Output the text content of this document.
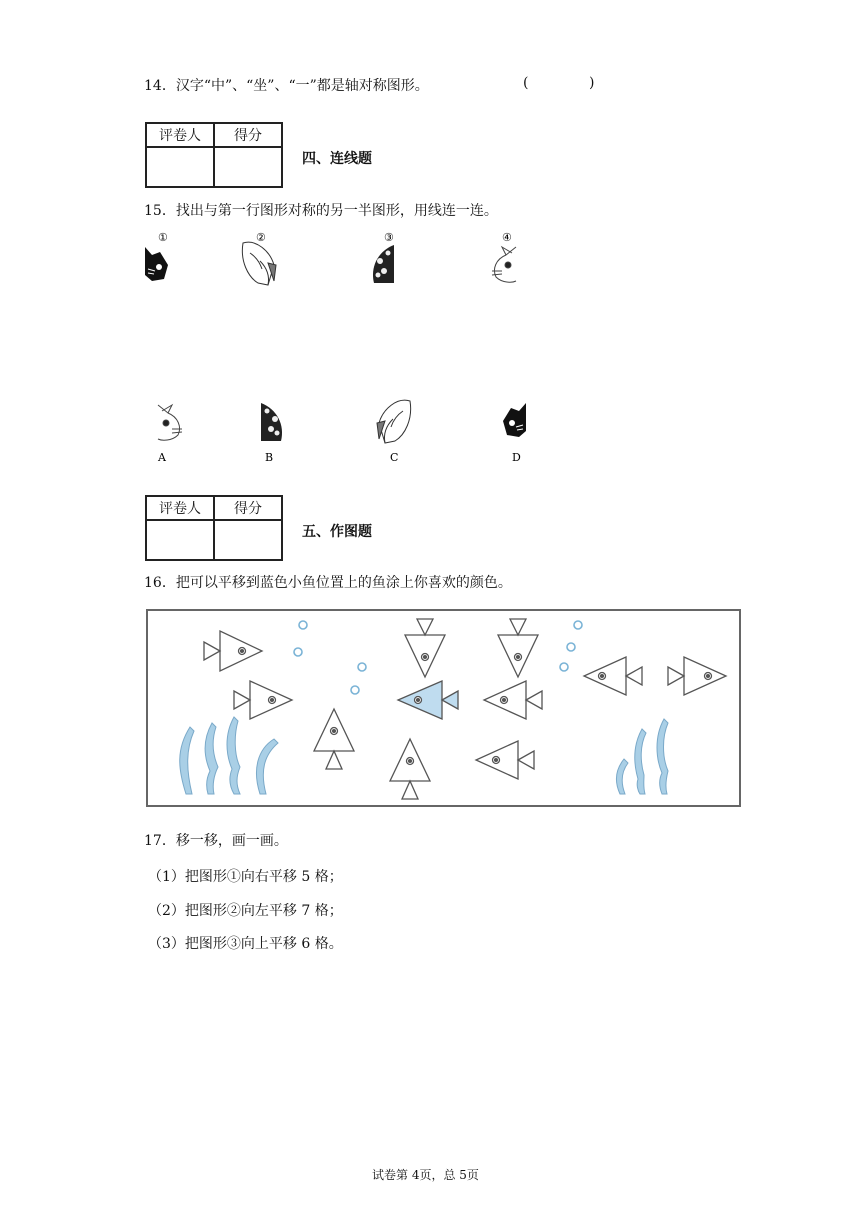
14．汉字“中”、“坐”、“一”都是轴对称图形。	(	)
评卷人	得分

四、连线题
15．找出与第一行图形对称的另一半图形，用线连一连。
①	②	③	④
A	B	C	D
评卷人	得分

五、作图题
16．把可以平移到蓝色小鱼位置上的鱼涂上你喜欢的颜色。
17．移一移，画一画。
（1）把图形①向右平移 5 格；
（2）把图形②向左平移 7 格；
（3）把图形③向上平移 6 格。
试卷第 4页，总 5页
